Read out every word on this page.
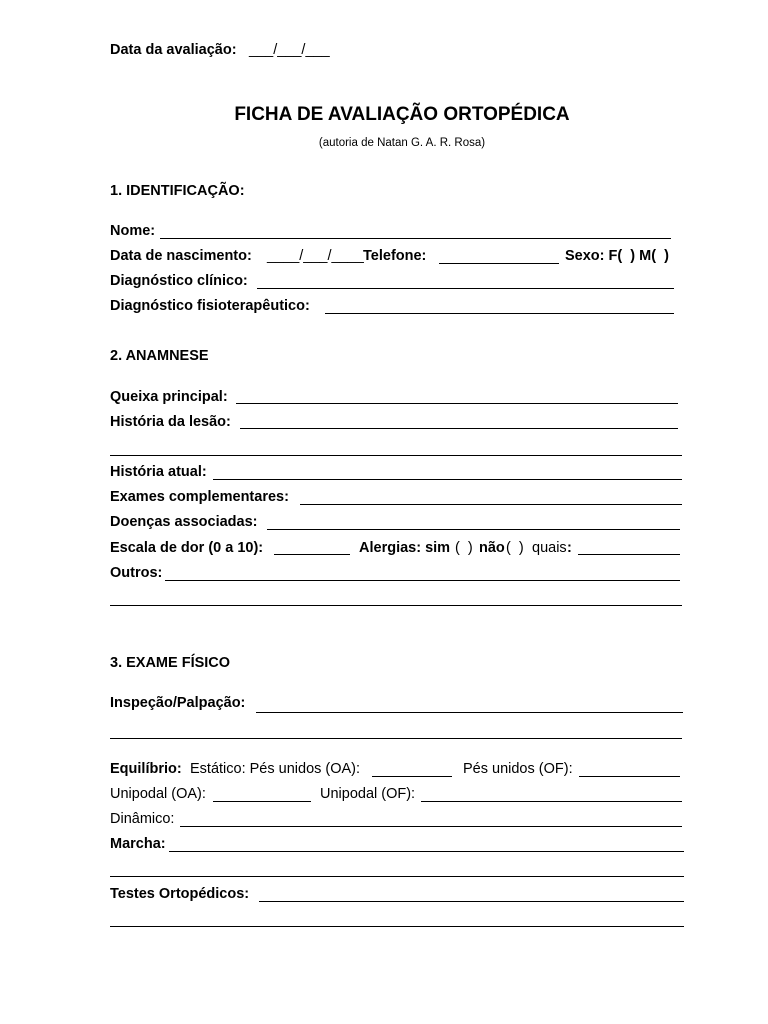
Data da avaliação: ___/___/___
FICHA DE AVALIAÇÃO ORTOPÉDICA
(autoria de Natan G. A. R. Rosa)
1. IDENTIFICAÇÃO:
Nome:
Data de nascimento: ____/___/____ Telefone:	Sexo: F(  ) M(  )
Diagnóstico clínico:
Diagnóstico fisioterapêutico:
2. ANAMNESE
Queixa principal:
História da lesão:
História atual:
Exames complementares:
Doenças associadas:
Escala de dor (0 a 10):	Alergias: sim (  ) não (  ) quais :
Outros:
3. EXAME FÍSICO
Inspeção/Palpação:
Equilíbrio: Estático: Pés unidos (OA):	Pés unidos (OF):
Unipodal (OA):	Unipodal (OF):
Dinâmico:
Marcha:
Testes Ortopédicos:
